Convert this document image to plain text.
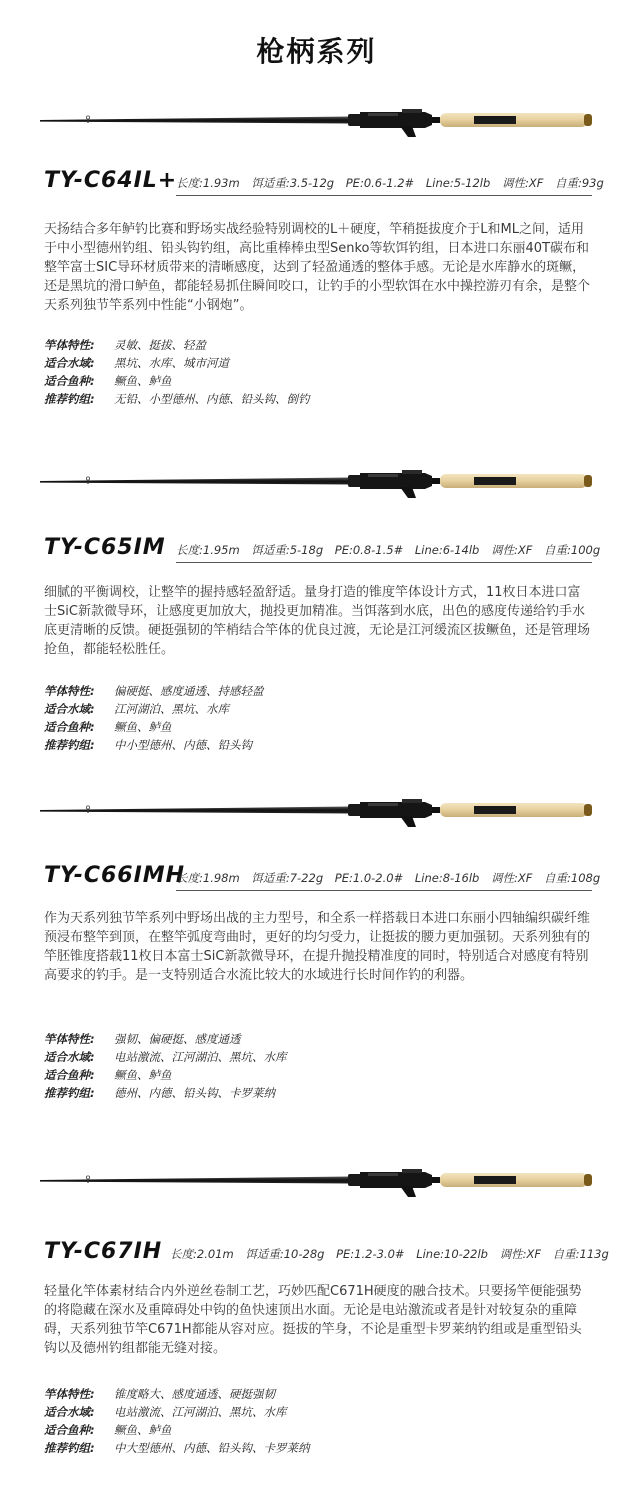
枪柄系列
TY-C64IL+
长度:1.93m 饵适重:3.5-12g PE:0.6-1.2# Line:5-12lb 调性:XF 自重:93g

天扬结合多年鲈钓比赛和野场实战经验特别调校的L＋硬度，竿稍挺拔度介于L和ML之间，适用于中小型德州钓组、铅头钩钓组，高比重棒棒虫型Senko等软饵钓组，日本进口东丽40T碳布和整竿富士SIC导环材质带来的清晰感度，达到了轻盈通透的整体手感。无论是水库静水的斑鳜，还是黑坑的滑口鲈鱼，都能轻易抓住瞬间咬口，让钓手的小型软饵在水中操控游刃有余，是整个天系列独节竿系列中性能“小钢炮”。

竿体特性: 灵敏、挺拔、轻盈
适合水域: 黑坑、水库、城市河道
适合鱼种: 鳜鱼、鲈鱼
推荐钓组: 无铅、小型德州、内德、铅头钩、倒钓
TY-C65IM 长度:1.95m 饵适重:5-18g PE:0.8-1.5# Line:6-14lb 调性:XF 自重:100g

细腻的平衡调校，让整竿的握持感轻盈舒适。量身打造的锥度竿体设计方式，11枚日本进口富士SiC新款微导环，让感度更加放大，抛投更加精准。当饵落到水底，出色的感度传递给钓手水底更清晰的反馈。硬挺强韧的竿梢结合竿体的优良过渡，无论是江河缓流区拔鳜鱼，还是管理场抢鱼，都能轻松胜任。

竿体特性: 偏硬挺、感度通透、持感轻盈
适合水域: 江河湖泊、黑坑、水库
适合鱼种: 鳜鱼、鲈鱼
推荐钓组: 中小型德州、内德、铅头钩
TY-C66IMH
长度:1.98m 饵适重:7-22g PE:1.0-2.0# Line:8-16lb 调性:XF 自重:108g

作为天系列独节竿系列中野场出战的主力型号，和全系一样搭载日本进口东丽小四轴编织碳纤维预浸布整竿到顶，在整竿弧度弯曲时，更好的均匀受力，让挺拔的腰力更加强韧。天系列独有的竿胚锥度搭载11枚日本富士SiC新款微导环，在提升抛投精准度的同时，特别适合对感度有特别高要求的钓手。是一支特别适合水流比较大的水域进行长时间作钓的利器。

竿体特性: 强韧、偏硬挺、感度通透
适合水域: 电站激流、江河湖泊、黑坑、水库
适合鱼种: 鳜鱼、鲈鱼
推荐钓组: 德州、内德、铅头钩、卡罗莱纳
TY-C67IH 长度:2.01m 饵适重:10-28g PE:1.2-3.0# Line:10-22lb 调性:XF 自重:113g

轻量化竿体素材结合内外逆丝卷制工艺，巧妙匹配C671H硬度的融合技术。只要扬竿便能强势的将隐藏在深水及重障碍处中钩的鱼快速顶出水面。无论是电站激流或者是针对较复杂的重障碍，天系列独节竿C671H都能从容对应。挺拔的竿身，不论是重型卡罗莱纳钓组或是重型铅头钩以及德州钓组都能无缝对接。

竿体特性: 锥度略大、感度通透、硬挺强韧
适合水域: 电站激流、江河湖泊、黑坑、水库
适合鱼种: 鳜鱼、鲈鱼
推荐钓组: 中大型德州、内德、铅头钩、卡罗莱纳
